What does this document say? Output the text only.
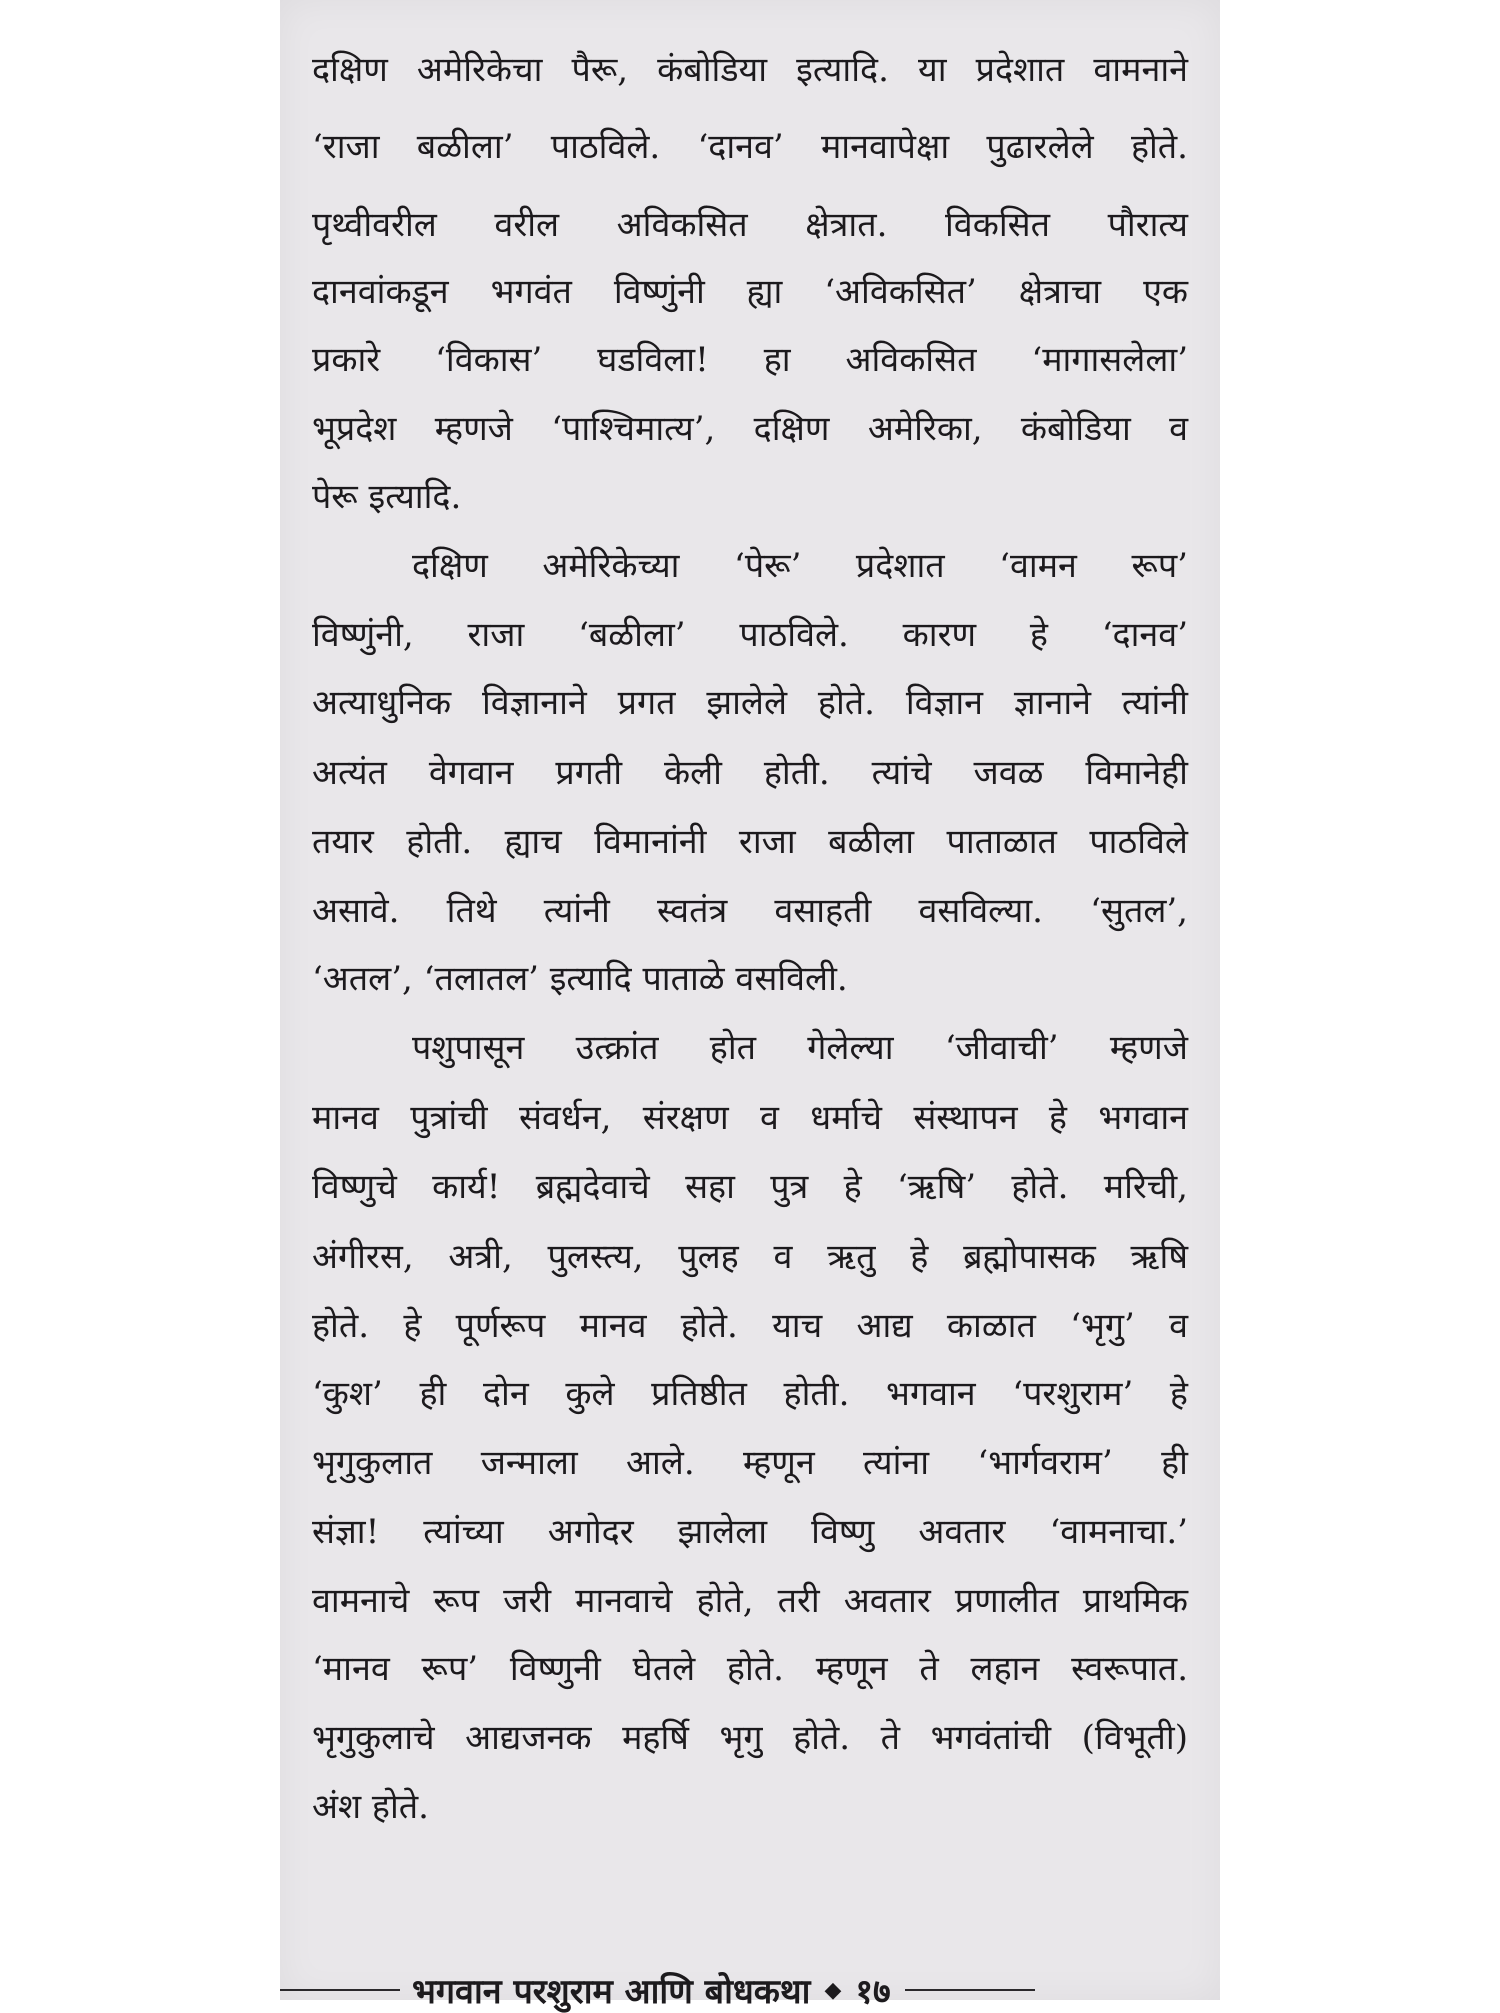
दक्षिण अमेरिकेचा पैरू, कंबोडिया इत्यादि. या प्रदेशात वामनाने
‘राजा बळीला’ पाठविले. ‘दानव’ मानवापेक्षा पुढारलेले होते.
पृथ्वीवरील वरील अविकसित क्षेत्रात. विकसित पौरात्य
दानवांकडून भगवंत विष्णुंनी ह्या ‘अविकसित’ क्षेत्राचा एक
प्रकारे ‘विकास’ घडविला! हा अविकसित ‘मागासलेला’
भूप्रदेश म्हणजे ‘पाश्चिमात्य’, दक्षिण अमेरिका, कंबोडिया व
पेरू इत्यादि.
दक्षिण अमेरिकेच्या ‘पेरू’ प्रदेशात ‘वामन रूप’
विष्णुंनी, राजा ‘बळीला’ पाठविले. कारण हे ‘दानव’
अत्याधुनिक विज्ञानाने प्रगत झालेले होते. विज्ञान ज्ञानाने त्यांनी
अत्यंत वेगवान प्रगती केली होती. त्यांचे जवळ विमानेही
तयार होती. ह्याच विमानांनी राजा बळीला पाताळात पाठविले
असावे. तिथे त्यांनी स्वतंत्र वसाहती वसविल्या. ‘सुतल’,
‘अतल’, ‘तलातल’ इत्यादि पाताळे वसविली.
पशुपासून उत्क्रांत होत गेलेल्या ‘जीवाची’ म्हणजे
मानव पुत्रांची संवर्धन, संरक्षण व धर्माचे संस्थापन हे भगवान
विष्णुचे कार्य! ब्रह्मदेवाचे सहा पुत्र हे ‘ऋषि’ होते. मरिची,
अंगीरस, अत्री, पुलस्त्य, पुलह व ऋतु हे ब्रह्मोपासक ऋषि
होते. हे पूर्णरूप मानव होते. याच आद्य काळात ‘भृगु’ व
‘कुश’ ही दोन कुले प्रतिष्ठीत होती. भगवान ‘परशुराम’ हे
भृगुकुलात जन्माला आले. म्हणून त्यांना ‘भार्गवराम’ ही
संज्ञा! त्यांच्या अगोदर झालेला विष्णु अवतार ‘वामनाचा.’
वामनाचे रूप जरी मानवाचे होते, तरी अवतार प्रणालीत प्राथमिक
‘मानव रूप’ विष्णुनी घेतले होते. म्हणून ते लहान स्वरूपात.
भृगुकुलाचे आद्यजनक महर्षि भृगु होते. ते भगवंतांची (विभूती)
अंश होते.
भगवान परशुराम आणि बोधकथा ◆ १७
